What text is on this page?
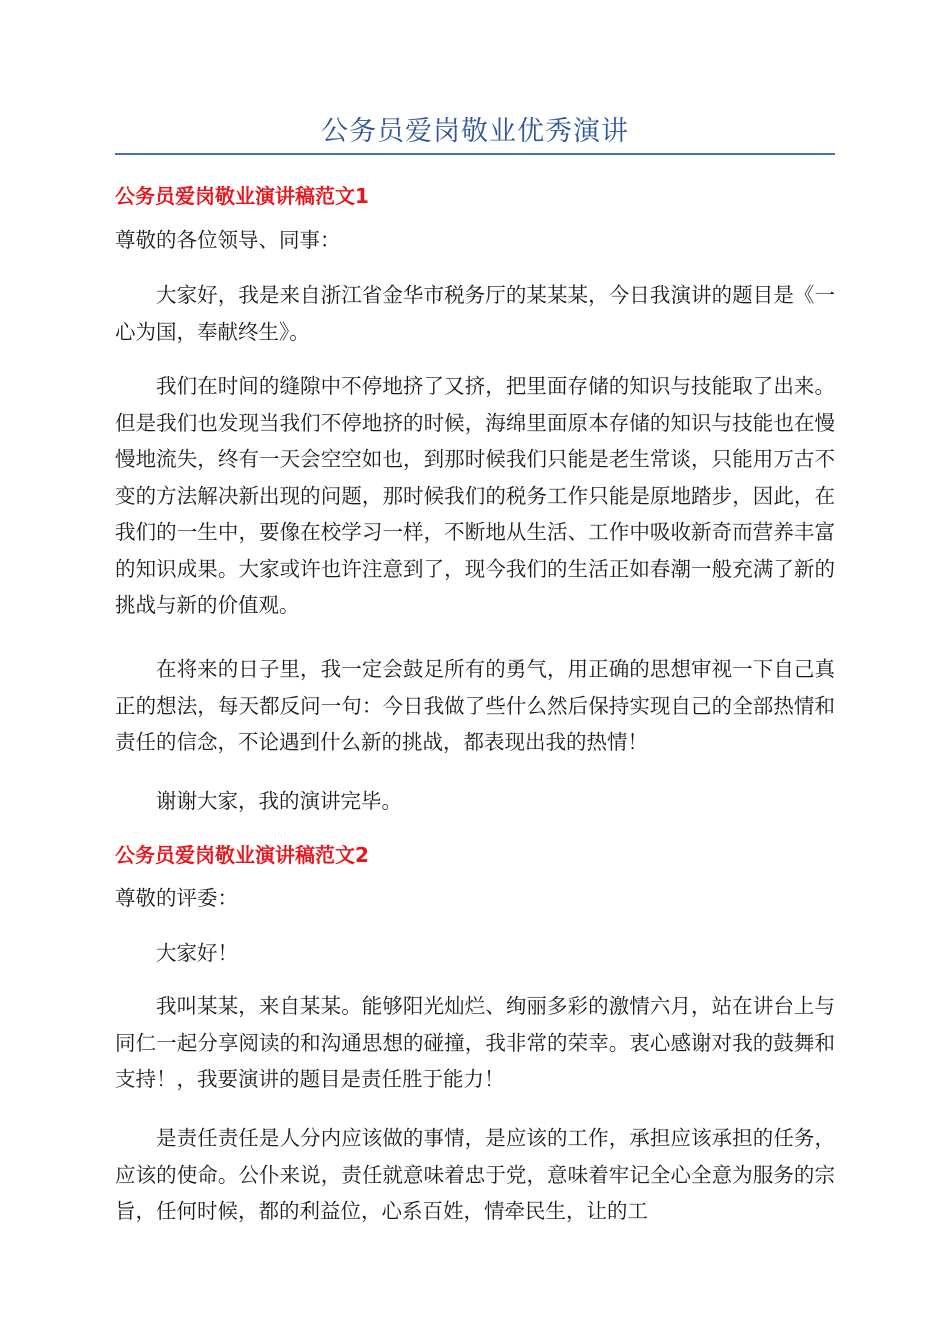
公务员爱岗敬业优秀演讲
公务员爱岗敬业演讲稿范文1

尊敬的各位领导、同事：

大家好，我是来自浙江省金华市税务厅的某某某，今日我演讲的题目是《一心为国，奉献终生》。

我们在时间的缝隙中不停地挤了又挤，把里面存储的知识与技能取了出来。但是我们也发现当我们不停地挤的时候，海绵里面原本存储的知识与技能也在慢慢地流失，终有一天会空空如也，到那时候我们只能是老生常谈，只能用万古不变的方法解决新出现的问题，那时候我们的税务工作只能是原地踏步，因此，在我们的一生中，要像在校学习一样，不断地从生活、工作中吸收新奇而营养丰富的知识成果。大家或许也许注意到了，现今我们的生活正如春潮一般充满了新的挑战与新的价值观。

在将来的日子里，我一定会鼓足所有的勇气，用正确的思想审视一下自己真正的想法，每天都反问一句：今日我做了些什么然后保持实现自己的全部热情和责任的信念，不论遇到什么新的挑战，都表现出我的热情！

谢谢大家，我的演讲完毕。

公务员爱岗敬业演讲稿范文2

尊敬的评委：

大家好！

我叫某某，来自某某。能够阳光灿烂、绚丽多彩的激情六月，站在讲台上与同仁一起分享阅读的和沟通思想的碰撞，我非常的荣幸。衷心感谢对我的鼓舞和支持！，我要演讲的题目是责任胜于能力！

是责任责任是人分内应该做的事情，是应该的工作，承担应该承担的任务，应该的使命。公仆来说，责任就意味着忠于党，意味着牢记全心全意为服务的宗旨，任何时候，都的利益位，心系百姓，情牵民生，让的工
